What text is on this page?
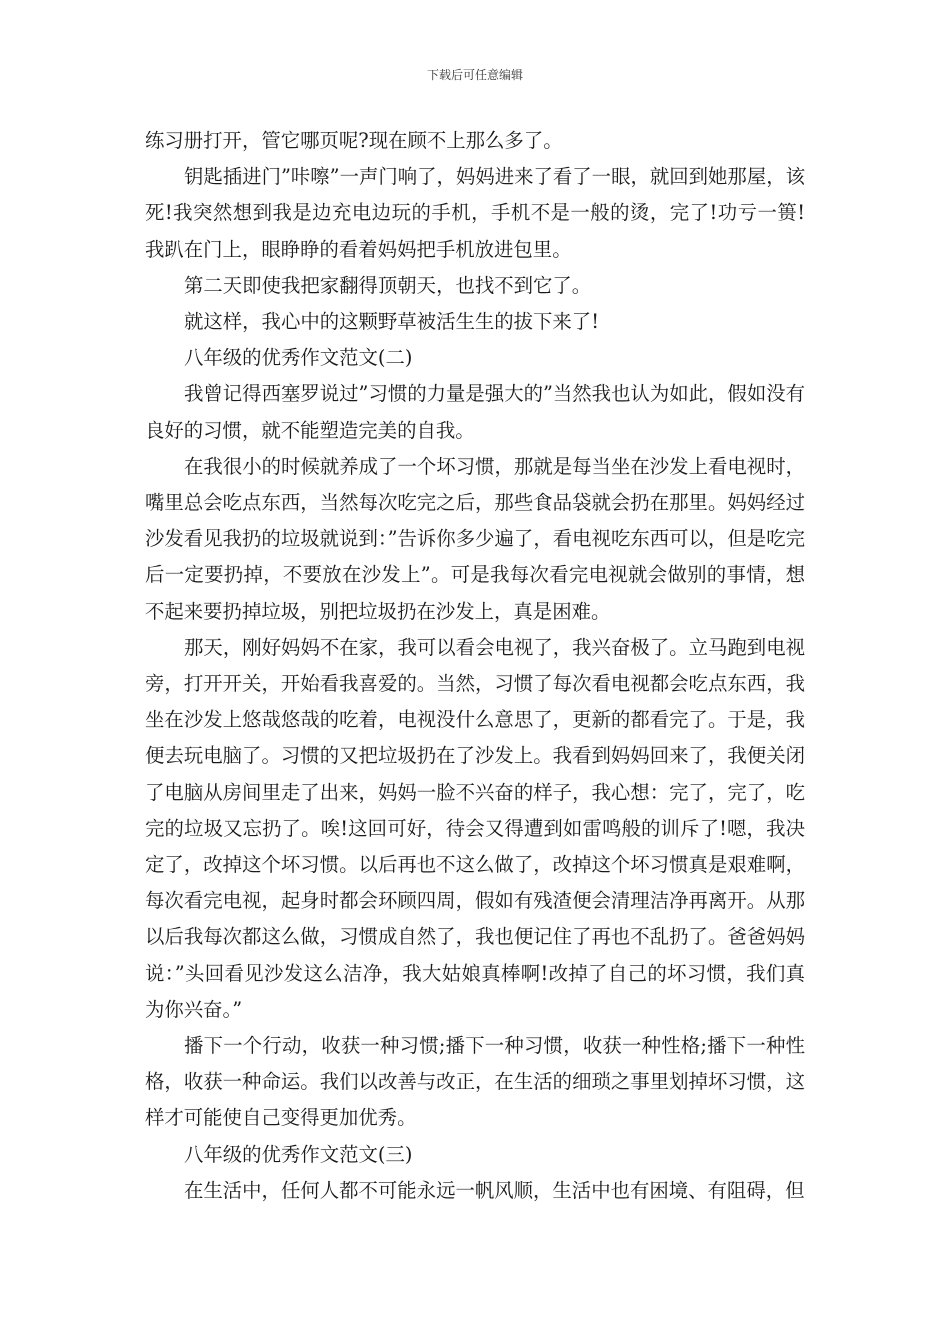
下载后可任意编辑

练习册打开，管它哪页呢?现在顾不上那么多了。

钥匙插进门”咔嚓”一声门响了，妈妈进来了看了一眼，就回到她那屋，该死!我突然想到我是边充电边玩的手机，手机不是一般的烫，完了!功亏一篑!我趴在门上，眼睁睁的看着妈妈把手机放进包里。

第二天即使我把家翻得顶朝天，也找不到它了。

就这样，我心中的这颗野草被活生生的拔下来了!

八年级的优秀作文范文(二)

我曾记得西塞罗说过”习惯的力量是强大的”当然我也认为如此，假如没有良好的习惯，就不能塑造完美的自我。

在我很小的时候就养成了一个坏习惯，那就是每当坐在沙发上看电视时，嘴里总会吃点东西，当然每次吃完之后，那些食品袋就会扔在那里。妈妈经过沙发看见我扔的垃圾就说到：”告诉你多少遍了，看电视吃东西可以，但是吃完后一定要扔掉，不要放在沙发上”。可是我每次看完电视就会做别的事情，想不起来要扔掉垃圾，别把垃圾扔在沙发上，真是困难。

那天，刚好妈妈不在家，我可以看会电视了，我兴奋极了。立马跑到电视旁，打开开关，开始看我喜爱的。当然，习惯了每次看电视都会吃点东西，我坐在沙发上悠哉悠哉的吃着，电视没什么意思了，更新的都看完了。于是，我便去玩电脑了。习惯的又把垃圾扔在了沙发上。我看到妈妈回来了，我便关闭了电脑从房间里走了出来，妈妈一脸不兴奋的样子，我心想：完了，完了，吃完的垃圾又忘扔了。唉!这回可好，待会又得遭到如雷鸣般的训斥了!嗯，我决定了，改掉这个坏习惯。以后再也不这么做了，改掉这个坏习惯真是艰难啊，每次看完电视，起身时都会环顾四周，假如有残渣便会清理洁净再离开。从那以后我每次都这么做，习惯成自然了，我也便记住了再也不乱扔了。爸爸妈妈说：”头回看见沙发这么洁净，我大姑娘真棒啊!改掉了自己的坏习惯，我们真为你兴奋。”

播下一个行动，收获一种习惯;播下一种习惯，收获一种性格;播下一种性格，收获一种命运。我们以改善与改正，在生活的细琐之事里划掉坏习惯，这样才可能使自己变得更加优秀。

八年级的优秀作文范文(三)

在生活中，任何人都不可能永远一帆风顺，生活中也有困境、有阻碍，但
